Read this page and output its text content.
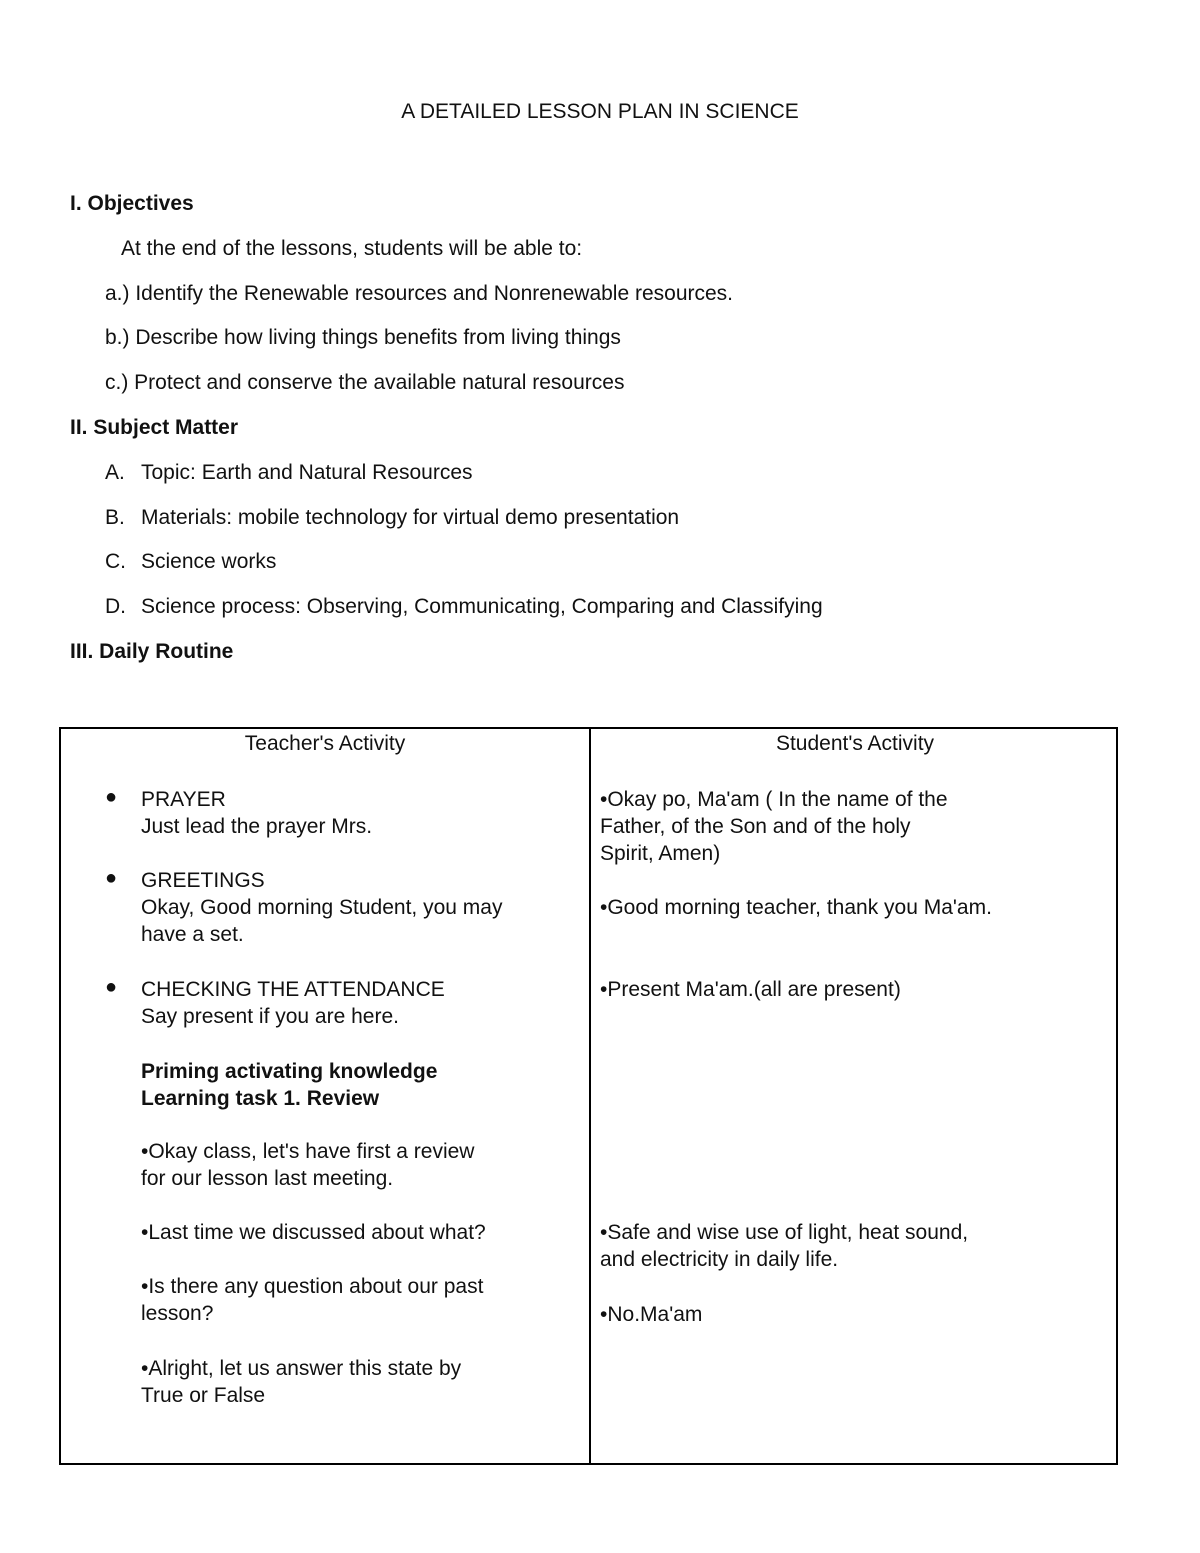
A DETAILED LESSON PLAN IN SCIENCE
I. Objectives
At the end of the lessons, students will be able to:
a.) Identify the Renewable resources and Nonrenewable resources.
b.) Describe how living things benefits from living things
c.) Protect and conserve the available natural resources
II. Subject Matter
A. Topic: Earth and Natural Resources
B. Materials: mobile technology for virtual demo presentation
C. Science works
D. Science process: Observing, Communicating, Comparing and Classifying
III. Daily Routine
Teacher's Activity	Student's Activity
● PRAYER
Just lead the prayer Mrs.
● GREETINGS
Okay, Good morning Student, you may
have a set.
● CHECKING THE ATTENDANCE
Say present if you are here.
Priming activating knowledge
Learning task 1. Review
•Okay class, let's have first a review
for our lesson last meeting.
•Last time we discussed about what?
•Is there any question about our past
lesson?
•Alright, let us answer this state by
True or False
•Okay po, Ma'am ( In the name of the
Father, of the Son and of the holy
Spirit, Amen)
•Good morning teacher, thank you Ma'am.
•Present Ma'am.(all are present)
•Safe and wise use of light, heat sound,
and electricity in daily life.
•No.Ma'am
